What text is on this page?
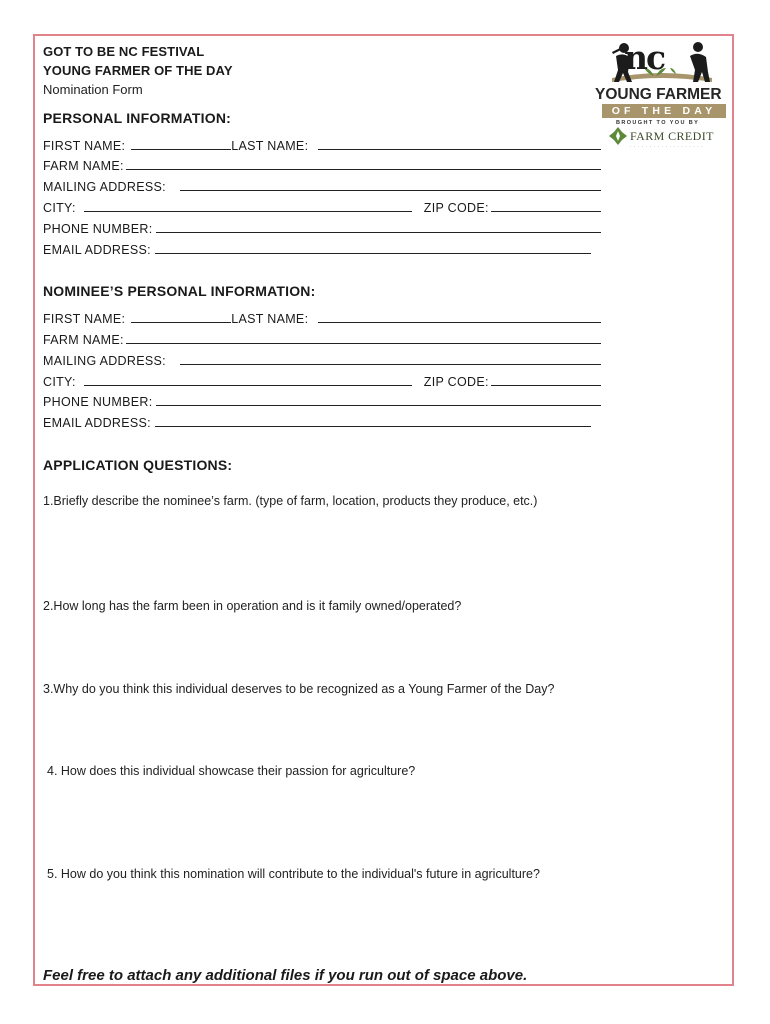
GOT TO BE NC FESTIVAL
YOUNG FARMER OF THE DAY
Nomination Form
nc
YOUNG FARMER
OF THE DAY
BROUGHT TO YOU BY
FARM CREDIT
· · · · · · · · · · · · · · · · · · ·
PERSONAL INFORMATION:
FIRST NAME:	LAST NAME:
FARM NAME:
MAILING ADDRESS:
CITY:	ZIP CODE:
PHONE NUMBER:
EMAIL ADDRESS:
NOMINEE’S PERSONAL INFORMATION:
FIRST NAME:	LAST NAME:
FARM NAME:
MAILING ADDRESS:
CITY:	ZIP CODE:
PHONE NUMBER:
EMAIL ADDRESS:
APPLICATION QUESTIONS:
1.Briefly describe the nominee’s farm. (type of farm, location, products they produce, etc.)
2.How long has the farm been in operation and is it family owned/operated?
3.Why do you think this individual deserves to be recognized as a Young Farmer of the Day?
4. How does this individual showcase their passion for agriculture?
5. How do you think this nomination will contribute to the individual's future in agriculture?
Feel free to attach any additional files if you run out of space above.
